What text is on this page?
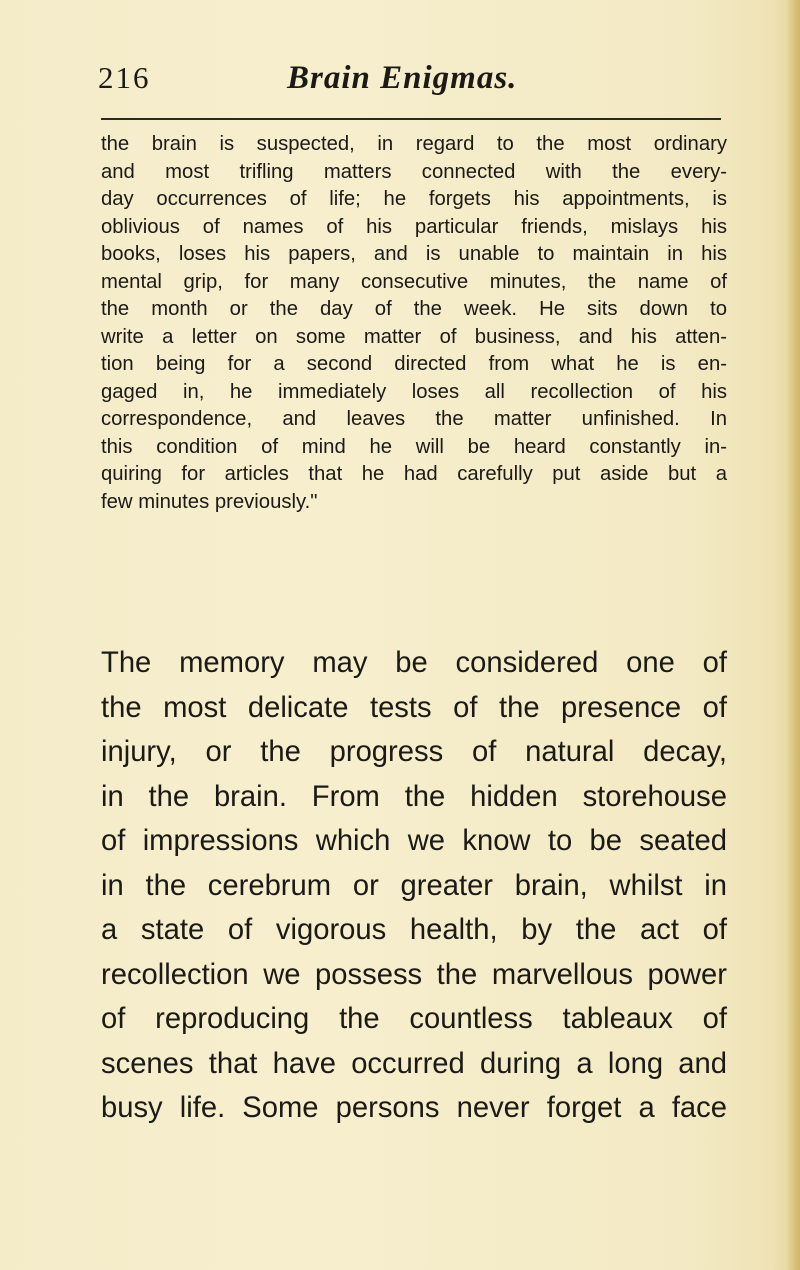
216	Brain Enigmas.
the brain is suspected, in regard to the most ordinary
and most trifling matters connected with the every-
day occurrences of life; he forgets his appointments, is
oblivious of names of his particular friends, mislays his
books, loses his papers, and is unable to maintain in his
mental grip, for many consecutive minutes, the name of
the month or the day of the week. He sits down to
write a letter on some matter of business, and his atten-
tion being for a second directed from what he is en-
gaged in, he immediately loses all recollection of his
correspondence, and leaves the matter unfinished. In
this condition of mind he will be heard constantly in-
quiring for articles that he had carefully put aside but a
few minutes previously."
The memory may be considered one of
the most delicate tests of the presence of
injury, or the progress of natural decay,
in the brain. From the hidden storehouse
of impressions which we know to be seated
in the cerebrum or greater brain, whilst in
a state of vigorous health, by the act of
recollection we possess the marvellous power
of reproducing the countless tableaux of
scenes that have occurred during a long and
busy life. Some persons never forget a face
